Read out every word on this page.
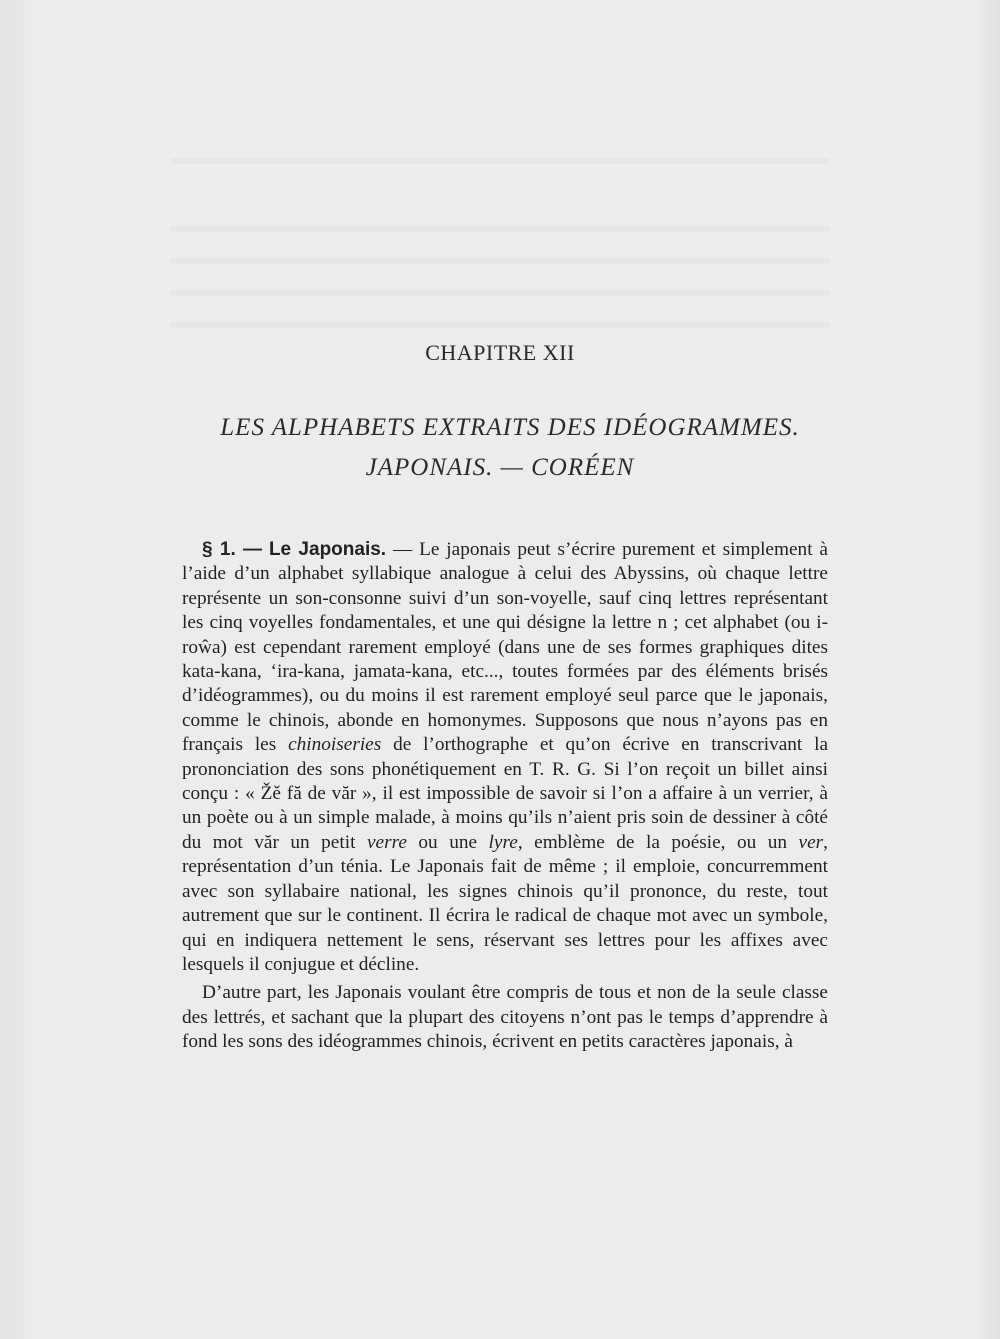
CHAPITRE XII
LES ALPHABETS EXTRAITS DES IDÉOGRAMMES.
JAPONAIS. — CORÉEN

§ 1. — Le Japonais. — Le japonais peut s’écrire purement et simplement à l’aide d’un alphabet syllabique analogue à celui des Abyssins, où chaque lettre représente un son-consonne suivi d’un son-voyelle, sauf cinq lettres représentant les cinq voyelles fondamentales, et une qui désigne la lettre n ; cet alphabet (ou i-roŵa) est cependant rarement employé (dans une de ses formes graphiques dites kata-kana, ‘ira-kana, jamata-kana, etc..., toutes formées par des éléments brisés d’idéogrammes), ou du moins il est rarement employé seul parce que le japonais, comme le chinois, abonde en homonymes. Supposons que nous n’ayons pas en français les chinoiseries de l’orthographe et qu’on écrive en transcrivant la prononciation des sons phonétiquement en T. R. G. Si l’on reçoit un billet ainsi conçu : « Žě fă de văr », il est impossible de savoir si l’on a affaire à un verrier, à un poète ou à un simple malade, à moins qu’ils n’aient pris soin de dessiner à côté du mot văr un petit verre ou une lyre, emblème de la poésie, ou un ver, représentation d’un ténia. Le Japonais fait de même ; il emploie, concurremment avec son syllabaire national, les signes chinois qu’il prononce, du reste, tout autrement que sur le continent. Il écrira le radical de chaque mot avec un symbole, qui en indiquera nettement le sens, réservant ses lettres pour les affixes avec lesquels il conjugue et décline.

D’autre part, les Japonais voulant être compris de tous et non de la seule classe des lettrés, et sachant que la plupart des citoyens n’ont pas le temps d’apprendre à fond les sons des idéogrammes chinois, écrivent en petits caractères japonais, à
